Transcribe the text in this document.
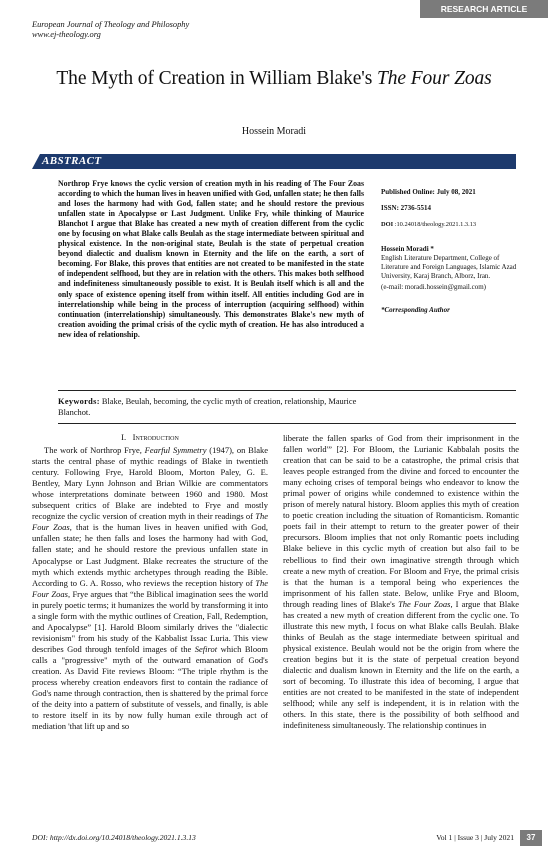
RESEARCH ARTICLE
European Journal of Theology and Philosophy
www.ej-theology.org
The Myth of Creation in William Blake's The Four Zoas
Hossein Moradi
ABSTRACT
Northrop Frye knows the cyclic version of creation myth in his reading of The Four Zoas according to which the human lives in heaven unified with God, unfallen state; he then falls and loses the harmony had with God, fallen state; and he should restore the previous unfallen state in Apocalypse or Last Judgment. Unlike Fry, while thinking of Maurice Blanchot I argue that Blake has created a new myth of creation different from the cyclic one by focusing on what Blake calls Beulah as the stage intermediate between spiritual and physical existence. In the non-original state, Beulah is the state of perpetual creation beyond dialectic and dualism known in Eternity and the life on the earth, a sort of becoming. For Blake, this proves that entities are not created to be manifested in the state of independent selfhood, but they are in relation with the others. This makes both selfhood and indefiniteness simultaneously possible to exist. It is Beulah itself which is all and the only space of existence opening itself from within itself. All entities including God are in interrelationship while being in the process of interruption (acquiring selfhood) within continuation (interrelationship) simultaneously. This demonstrates Blake's new myth of creation avoiding the primal crisis of the cyclic myth of creation. He has also introduced a new idea of relationship.

Published Online: July 08, 2021

ISSN: 2736-5514

DOI :10.24018/theology.2021.1.3.13

Hossein Moradi *

English Literature Department, College of Literature and Foreign Languages, Islamic Azad University, Karaj Branch, Alborz, Iran.

(e-mail: moradi.hossein@gmail.com)

*Corresponding Author

Keywords: Blake, Beulah, becoming, the cyclic myth of creation, relationship, Maurice Blanchot.
I. Introduction

The work of Northrop Frye, Fearful Symmetry (1947), on Blake starts the central phase of mythic readings of Blake in twentieth century. Following Frye, Harold Bloom, Morton Paley, G. E. Bentley, Mary Lynn Johnson and Brian Wilkie are commentators whose interpretations dominate between 1960 and 1980. Most subsequent critics of Blake are indebted to Frye and mostly recognize the cyclic version of creation myth in their readings of The Four Zoas, that is the human lives in heaven unified with God, unfallen state; he then falls and loses the harmony had with God, fallen state; and he should restore the previous unfallen state in Apocalypse or Last Judgment. Blake recreates the structure of the myth which extends mythic archetypes through reading the Bible. According to G. A. Rosso, who reviews the reception history of The Four Zoas, Frye argues that “the Biblical imagination sees the world in purely poetic terms; it humanizes the world by transforming it into a single form with the mythic outlines of Creation, Fall, Redemption, and Apocalypse” [1]. Harold Bloom similarly drives the "dialectic revisionism" from his study of the Kabbalist Issac Luria. This view describes God through tenfold images of the Sefirot which Bloom calls a "progressive" myth of the outward emanation of God's creation. As David Fite reviews Bloom: “The triple rhythm is the process whereby creation endeavors first to contain the radiance of God's name through contraction, then is shattered by the primal force of the deity into a pattern of substitute of vessels, and finally, is able to restore itself in its by now fully human exile through act of mediation 'that lift up and so

liberate the fallen sparks of God from their imprisonment in the fallen world'” [2]. For Bloom, the Lurianic Kabbalah posits the creation that can be said to be a catastrophe, the primal crisis that leaves people estranged from the divine and forced to encounter the many echoing crises of temporal beings who endeavor to know the primal power of origins while condemned to existence within the prison of merely natural history. Bloom applies this myth of creation to poetic creation including the situation of Romanticism. Romantic poets fail in their attempt to return to the greater power of their precursors. Bloom implies that not only Romantic poets including Blake believe in this cyclic myth of creation but also fail to be rebellious to find their own imaginative strength through which create a new myth of creation. For Bloom and Frye, the primal crisis is that the human is a temporal being who experiences the imprisonment of his fallen state. Below, unlike Frye and Bloom, through reading lines of Blake's The Four Zoas, I argue that Blake has created a new myth of creation different from the cyclic one. To illustrate this new myth, I focus on what Blake calls Beulah. Blake thinks of Beulah as the stage intermediate between spiritual and physical existence. Beulah would not be the origin from where the creation begins but it is the state of perpetual creation beyond dialectic and dualism known in Eternity and the life on the earth, a sort of becoming. To illustrate this idea of becoming, I argue that entities are not created to be manifested in the state of independent selfhood; while any self is independent, it is in relation with the others. In this state, there is the possibility of both selfhood and indefiniteness simultaneously. The relationship continues in

DOI: http://dx.doi.org/10.24018/theology.2021.1.3.13	Vol 1 | Issue 3 | July 2021	37
